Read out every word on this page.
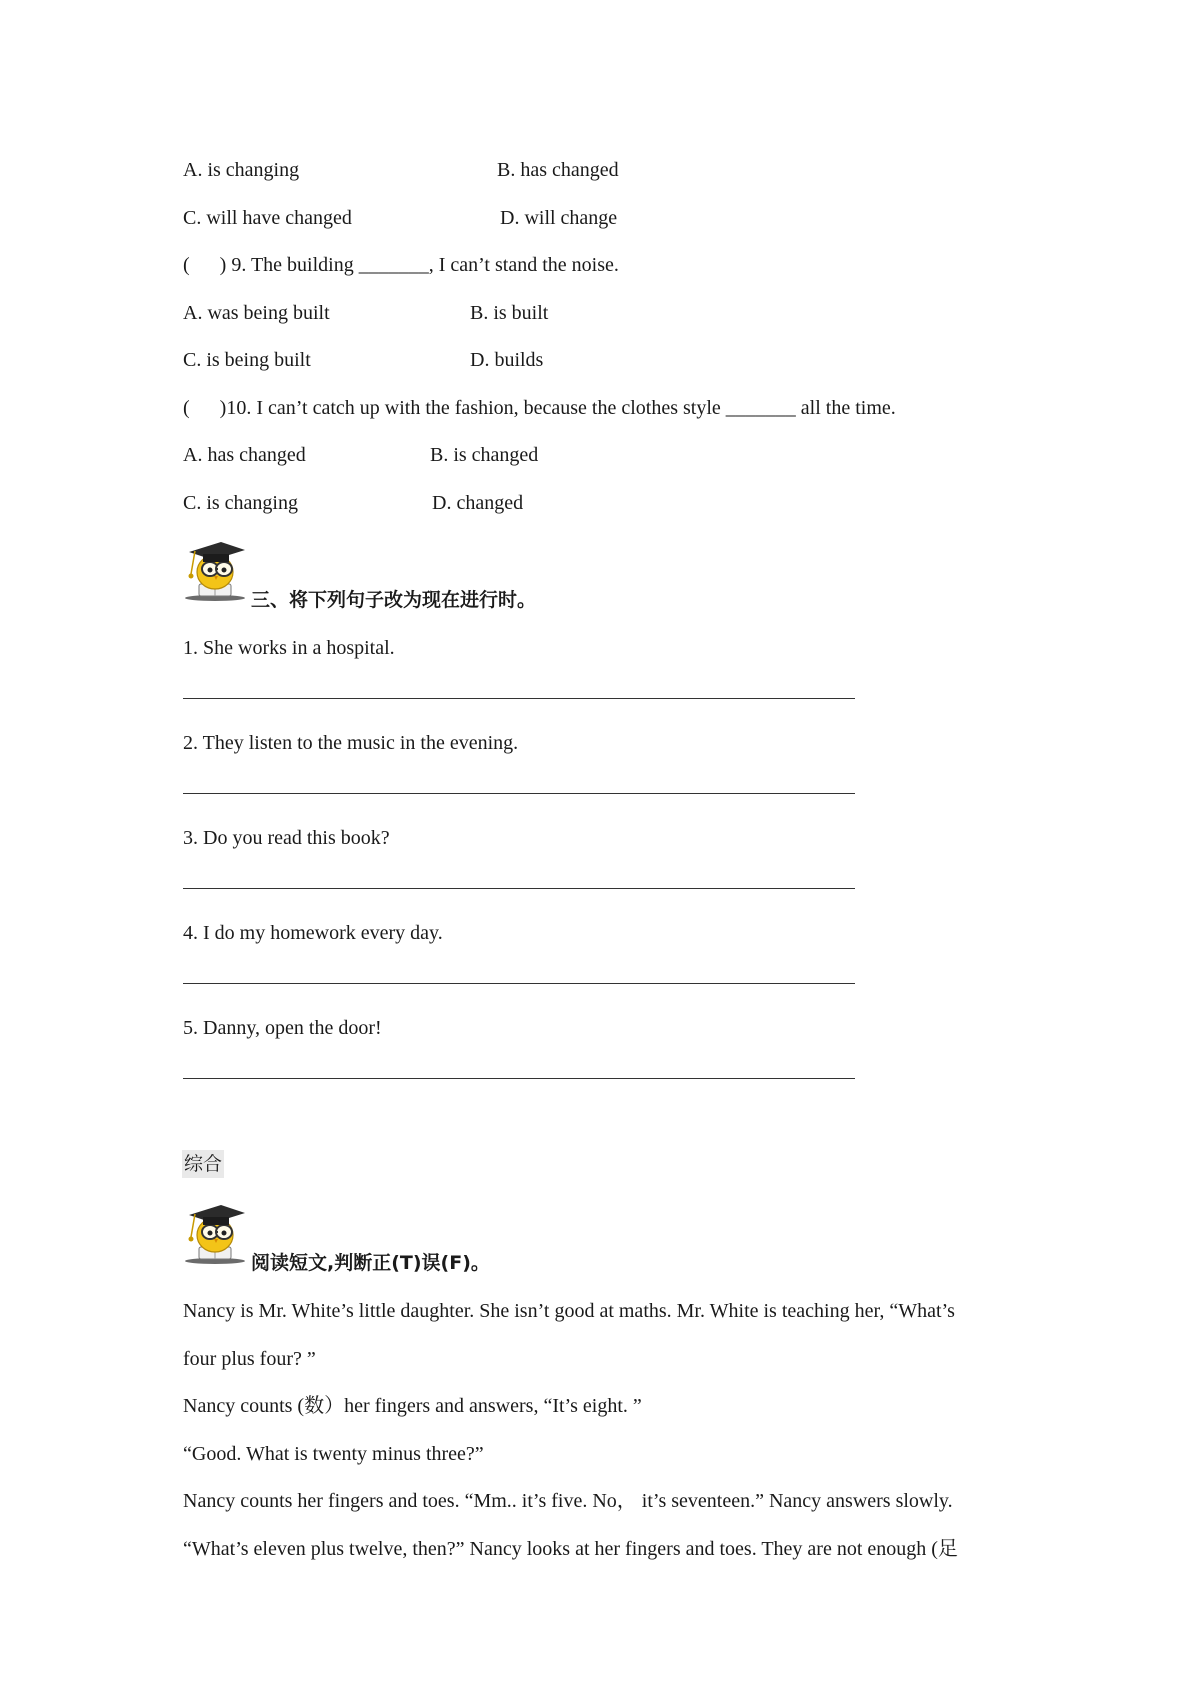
A. is changing	B. has changed
C. will have changed	D. will change
(      ) 9. The building _______, I can’t stand the noise.
A. was being built	B. is built
C. is being built	D. builds
(      )10. I can’t catch up with the fashion, because the clothes style _______ all the time.
A. has changed	B. is changed
C. is changing	D. changed
三、将下列句子改为现在进行时。
1. She works in a hospital.
2. They listen to the music in the evening.
3. Do you read this book?
4. I do my homework every day.
5. Danny, open the door!
综合
阅读短文,判断正(T)误(F)。
Nancy is Mr. White’s little daughter. She isn’t good at maths. Mr. White is teaching her, “What’s
four plus four? ”
Nancy counts (数）her fingers and answers, “It’s eight. ”
“Good. What is twenty minus three?”
Nancy counts her fingers and toes. “Mm.. it’s five. No， it’s seventeen.” Nancy answers slowly.
“What’s eleven plus twelve, then?” Nancy looks at her fingers and toes. They are not enough (足
